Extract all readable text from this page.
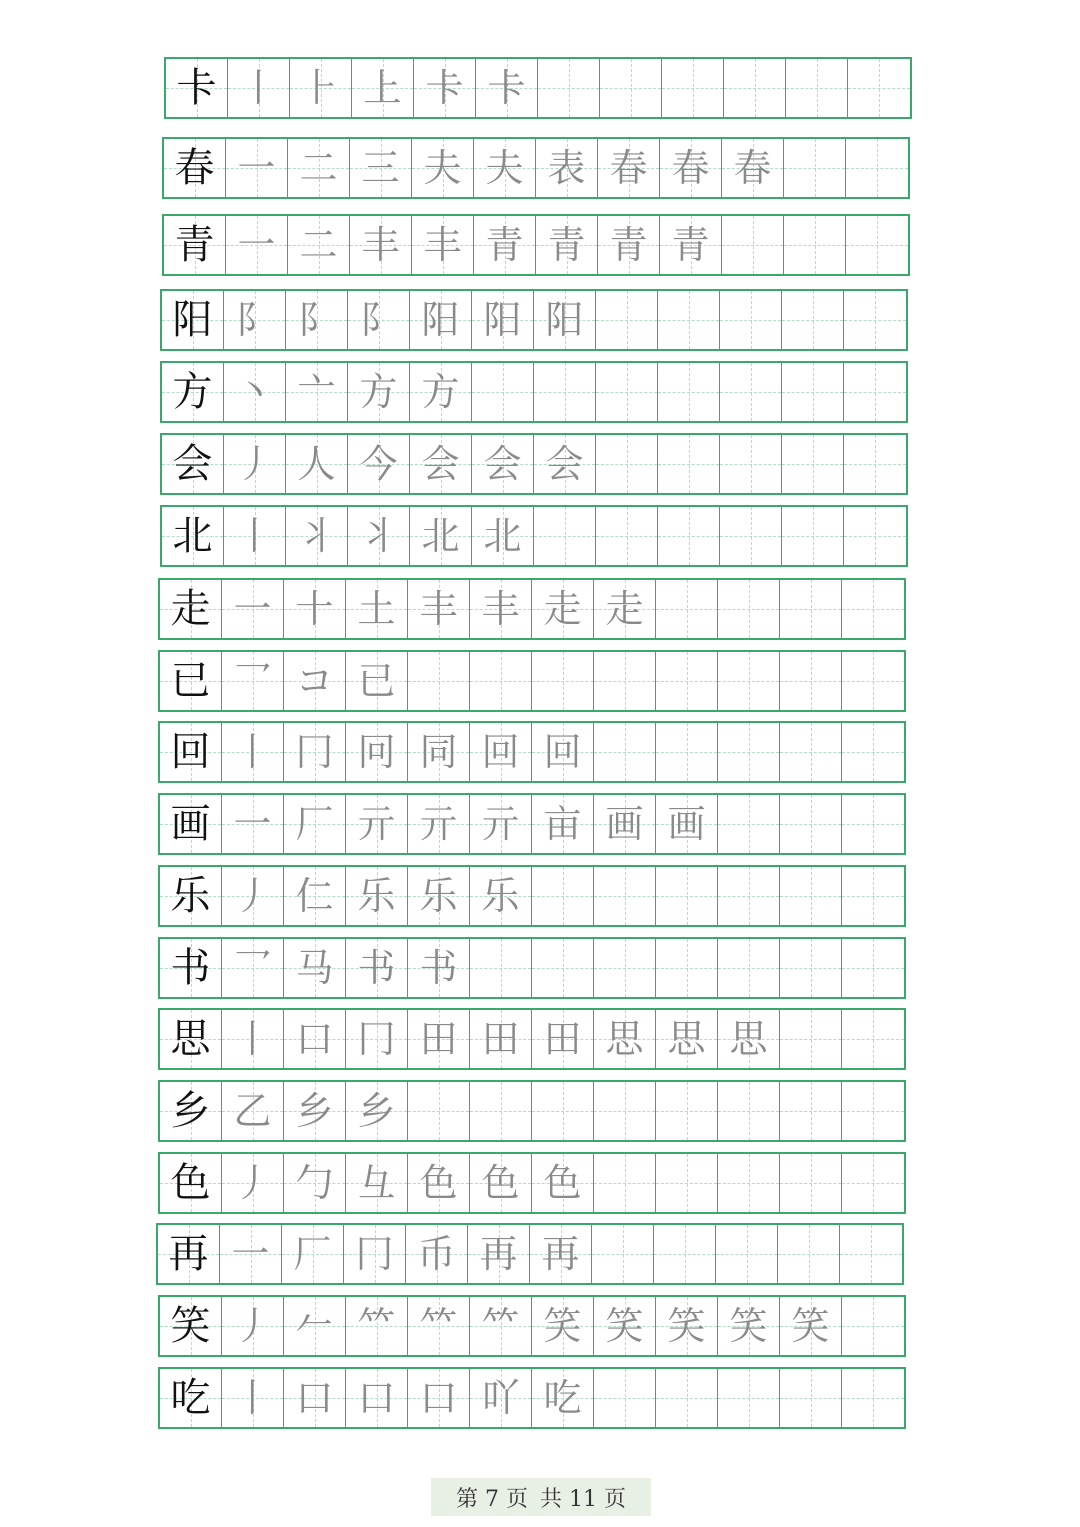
卡 丨 ⺊ 上 卡 卡
春 一 二 三 夫 夫 表 春 春 春
青 一 二 丰 丰 青 青 青 青
阳 阝 阝 阝 阳 阳 阳
方 丶 亠 方 方
会 丿 人 今 会 会 会
北 丨 丬 丬 北 北
走 一 十 土 丰 丰 走 走
已 乛 コ 已
回 丨 冂 冋 同 回 回
画 一 厂 亓 亓 亓 亩 画 画
乐 丿 仁 乐 乐 乐
书 乛 马 书 书
思 丨 口 冂 田 田 田 思 思 思
乡 乙 乡 乡
色 丿 勹 彑 色 色 色
再 一 厂 冂 币 再 再
笑 丿 𠂉 𥫗 𥫗 𥫗 笑 笑 笑 笑 笑
吃 丨 口 口 口 吖 吃
第 7 页 共 11 页
